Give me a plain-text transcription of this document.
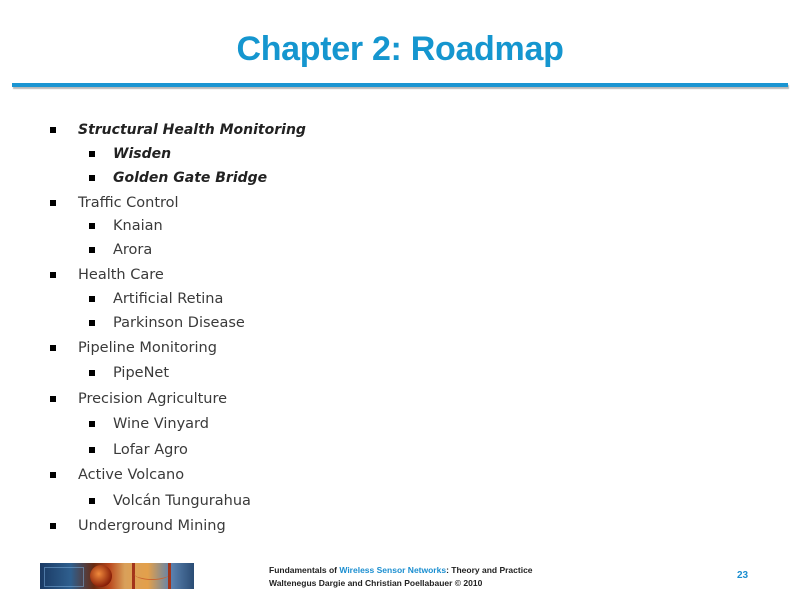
Chapter 2: Roadmap
Structural Health Monitoring
Wisden
Golden Gate Bridge
Traffic Control
Knaian
Arora
Health Care
Artificial Retina
Parkinson Disease
Pipeline Monitoring
PipeNet
Precision Agriculture
Wine Vinyard
Lofar Agro
Active Volcano
Volcán Tungurahua
Underground Mining
Fundamentals of Wireless Sensor Networks: Theory and Practice
Waltenegus Dargie and Christian Poellabauer © 2010
23
